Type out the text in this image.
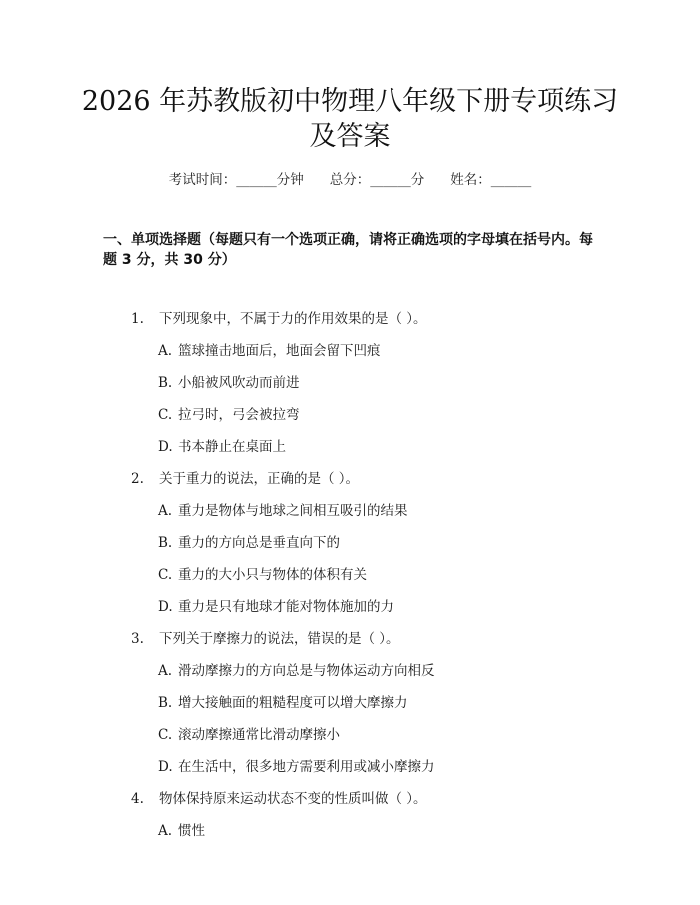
2026 年苏教版初中物理八年级下册专项练习
及答案
考试时间：______分钟 总分：______分 姓名：______
一、单项选择题（每题只有一个选项正确，请将正确选项的字母填在括号内。每
题 3 分，共 30 分）
1. 下列现象中，不属于力的作用效果的是（ ）。
A. 篮球撞击地面后，地面会留下凹痕
B. 小船被风吹动而前进
C. 拉弓时，弓会被拉弯
D. 书本静止在桌面上
2. 关于重力的说法，正确的是（ ）。
A. 重力是物体与地球之间相互吸引的结果
B. 重力的方向总是垂直向下的
C. 重力的大小只与物体的体积有关
D. 重力是只有地球才能对物体施加的力
3. 下列关于摩擦力的说法，错误的是（ ）。
A. 滑动摩擦力的方向总是与物体运动方向相反
B. 增大接触面的粗糙程度可以增大摩擦力
C. 滚动摩擦通常比滑动摩擦小
D. 在生活中，很多地方需要利用或减小摩擦力
4. 物体保持原来运动状态不变的性质叫做（ ）。
A. 惯性
